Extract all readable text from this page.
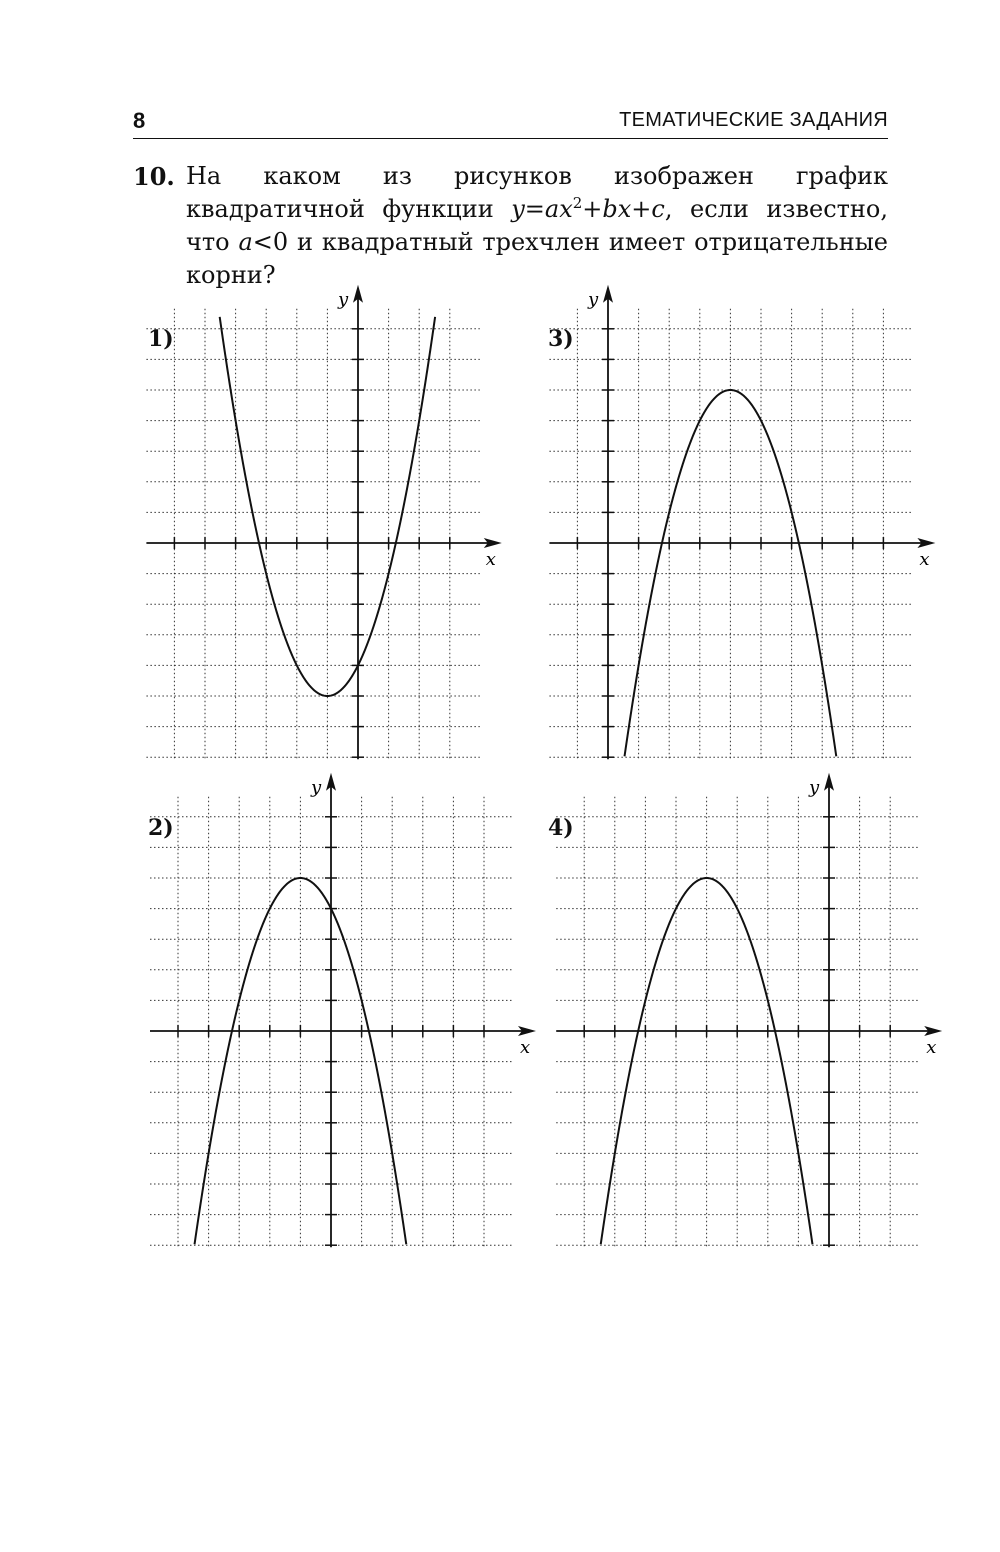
8	ТЕМАТИЧЕСКИЕ ЗАДАНИЯ
10. На каком из рисунков изображен график квадратичной функции $y=ax^2+bx+c$, если известно, что a<0 и квадратный трехчлен имеет отрицательные корни?
1)	3)
2)	4)
x
y
x
y
x
y
x
y
